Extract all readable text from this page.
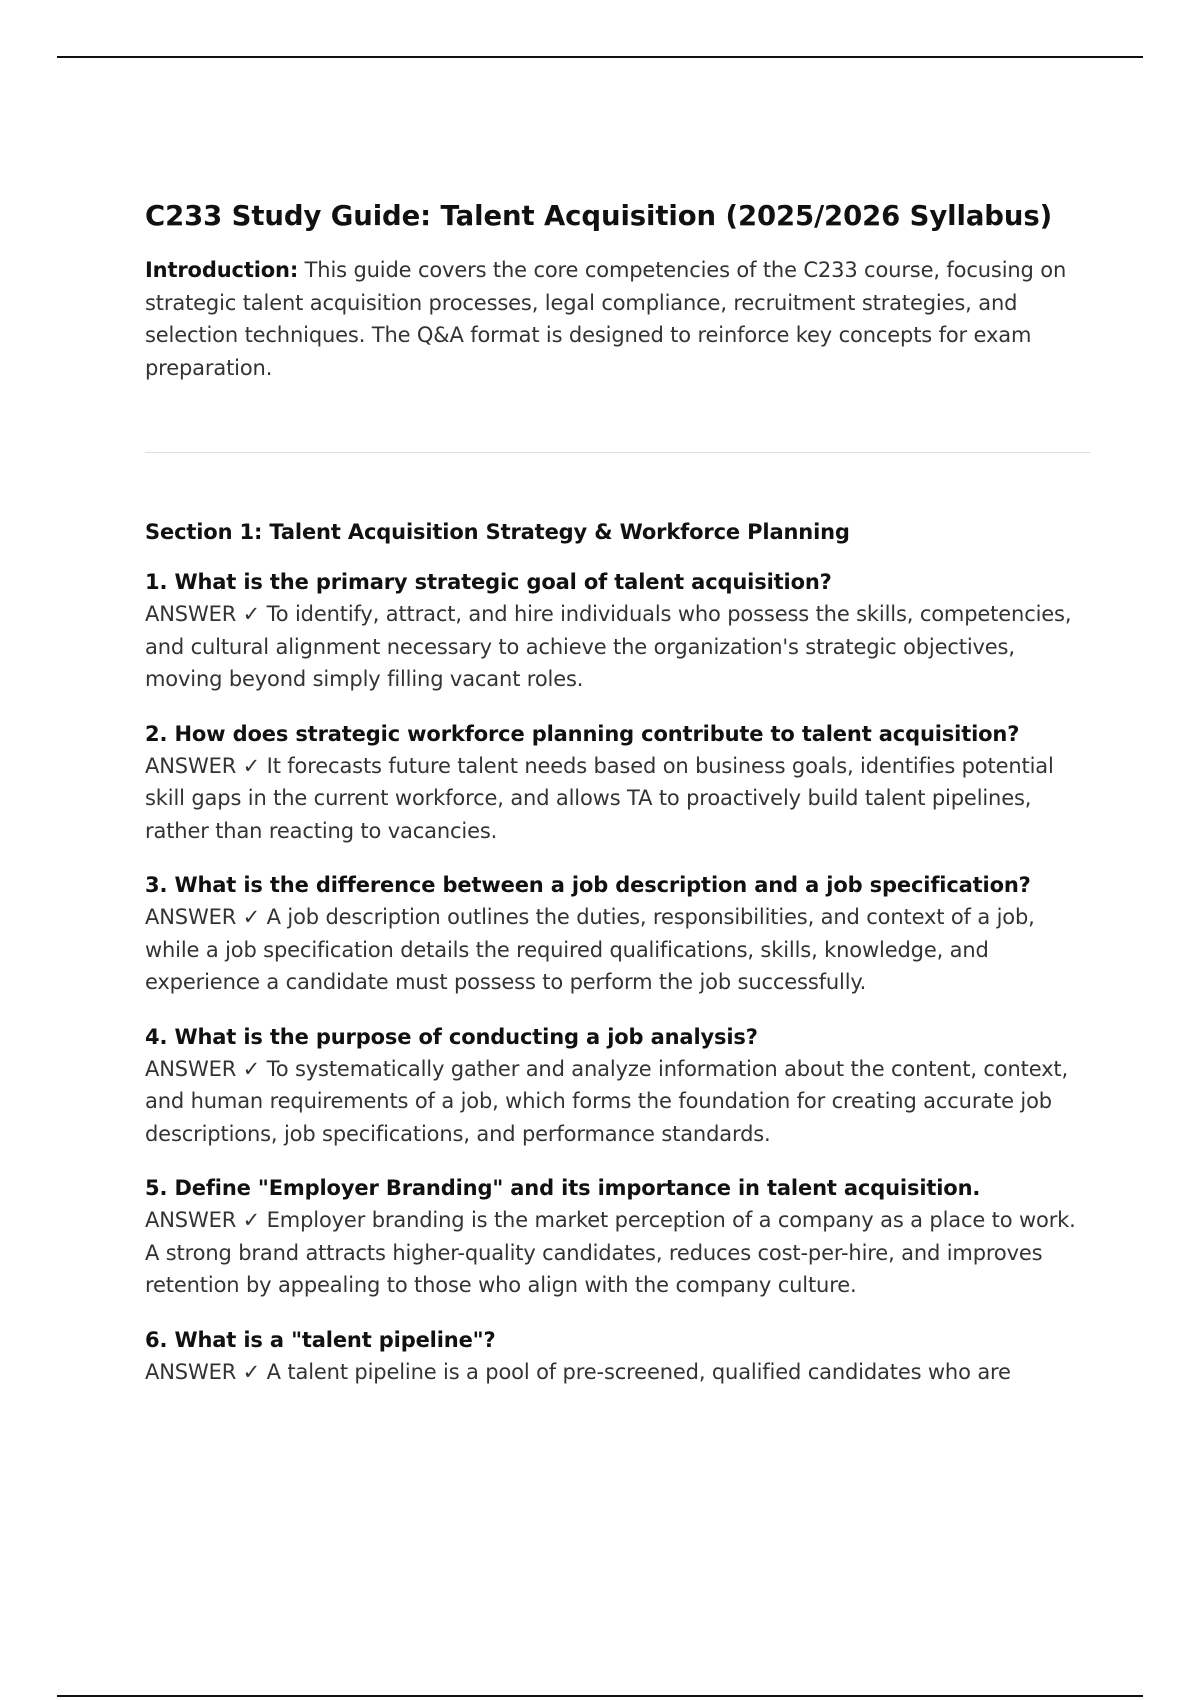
C233 Study Guide: Talent Acquisition (2025/2026 Syllabus)

Introduction: This guide covers the core competencies of the C233 course, focusing on strategic talent acquisition processes, legal compliance, recruitment strategies, and selection techniques. The Q&A format is designed to reinforce key concepts for exam preparation.

Section 1: Talent Acquisition Strategy & Workforce Planning
1. What is the primary strategic goal of talent acquisition?
ANSWER ✓ To identify, attract, and hire individuals who possess the skills, competencies, and cultural alignment necessary to achieve the organization's strategic objectives, moving beyond simply filling vacant roles.
2. How does strategic workforce planning contribute to talent acquisition?
ANSWER ✓ It forecasts future talent needs based on business goals, identifies potential skill gaps in the current workforce, and allows TA to proactively build talent pipelines, rather than reacting to vacancies.
3. What is the difference between a job description and a job specification?
ANSWER ✓ A job description outlines the duties, responsibilities, and context of a job, while a job specification details the required qualifications, skills, knowledge, and experience a candidate must possess to perform the job successfully.
4. What is the purpose of conducting a job analysis?
ANSWER ✓ To systematically gather and analyze information about the content, context, and human requirements of a job, which forms the foundation for creating accurate job descriptions, job specifications, and performance standards.
5. Define "Employer Branding" and its importance in talent acquisition.
ANSWER ✓ Employer branding is the market perception of a company as a place to work. A strong brand attracts higher-quality candidates, reduces cost-per-hire, and improves retention by appealing to those who align with the company culture.
6. What is a "talent pipeline"?
ANSWER ✓ A talent pipeline is a pool of pre-screened, qualified candidates who are
